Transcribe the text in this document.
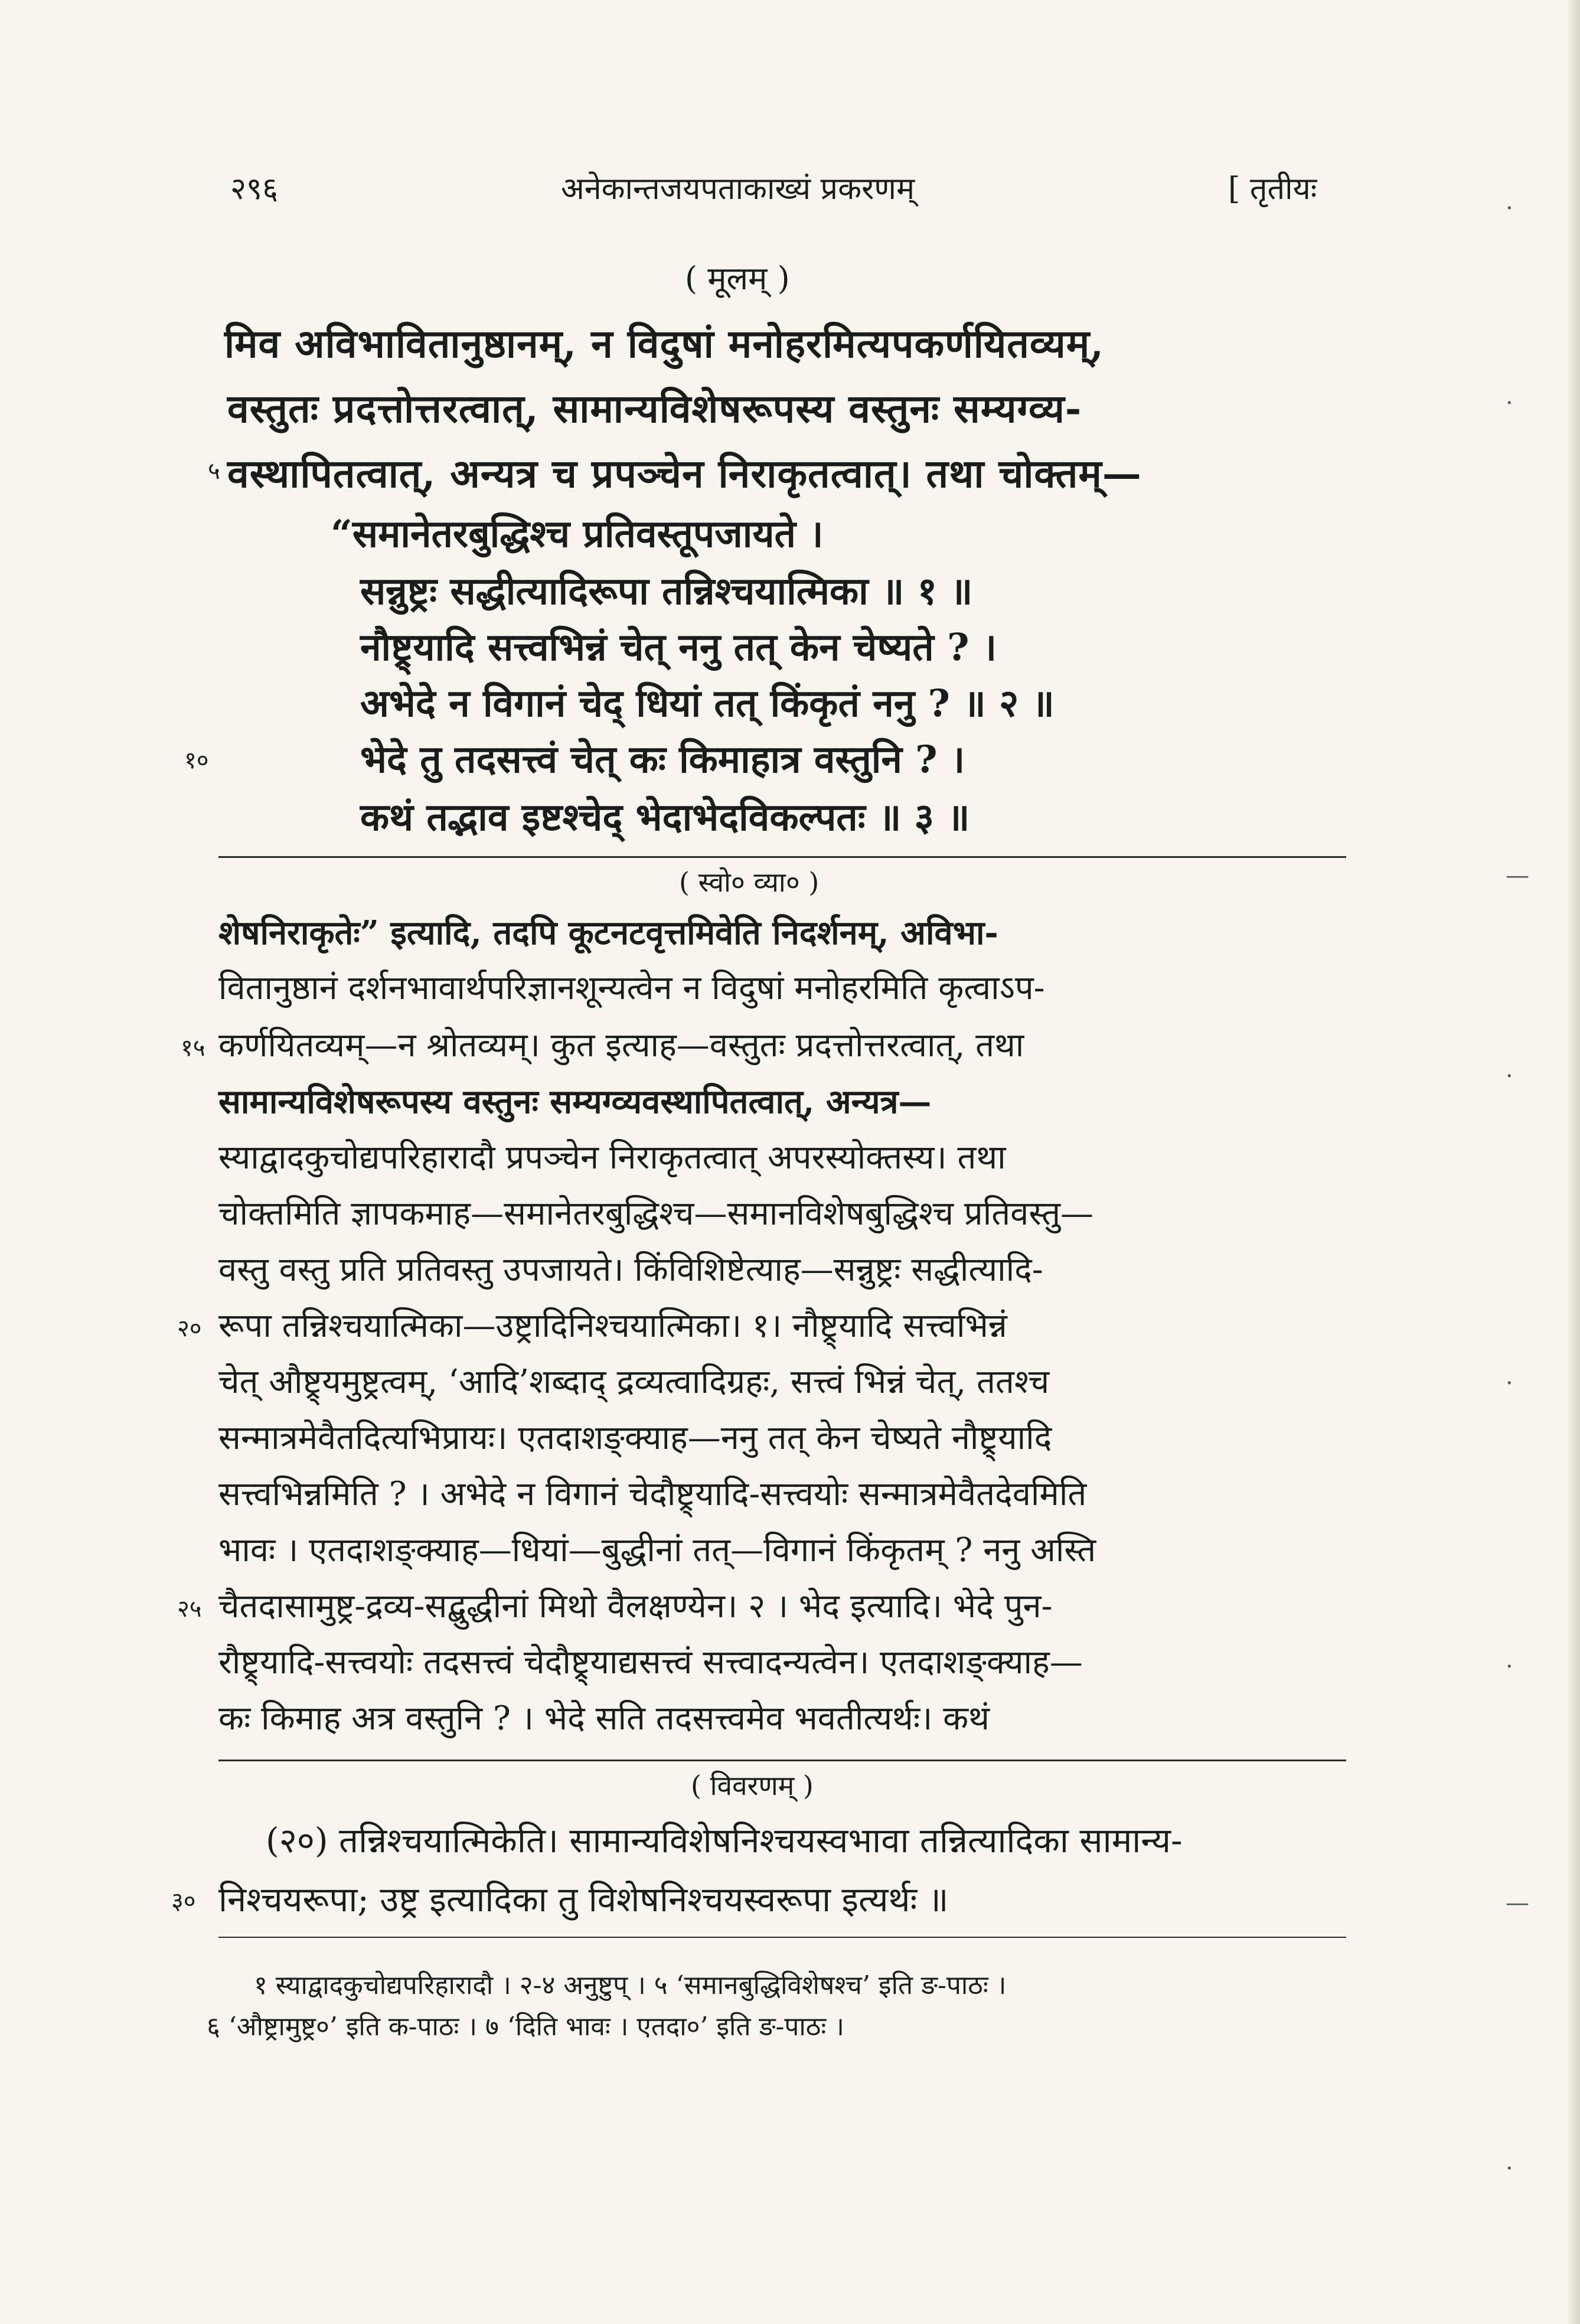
२९६	अनेकान्तजयपताकाख्यं प्रकरणम्	[ तृतीयः
( मूलम् )
मिव अविभावितानुष्ठानम्, न विदुषां मनोहरमित्यपकर्णयितव्यम्,
वस्तुतः प्रदत्तोत्तरत्वात्, सामान्यविशेषरूपस्य वस्तुनः सम्यग्व्य-
५ वस्थापितत्वात्, अन्यत्र च प्रपञ्चेन निराकृतत्वात्। तथा चोक्तम्—
“समानेतरबुद्धिश्च प्रतिवस्तूपजायते ।
सन्नुष्ट्रः सद्धीत्यादिरूपा तन्निश्चयात्मिका ॥ १ ॥
नौष्ट्र्यादि सत्त्वभिन्नं चेत् ननु तत् केन चेष्यते ? ।
अभेदे न विगानं चेद् धियां तत् किंकृतं ननु ? ॥ २ ॥
१०	भेदे तु तदसत्त्वं चेत् कः किमाहात्र वस्तुनि ? ।
कथं तद्भाव इष्टश्चेद् भेदाभेदविकल्पतः ॥ ३ ॥
( स्वो० व्या० )
शेषनिराकृतेः” इत्यादि, तदपि कूटनटवृत्तमिवेति निदर्शनम्, अविभा-
वितानुष्ठानं दर्शनभावार्थपरिज्ञानशून्यत्वेन न विदुषां मनोहरमिति कृत्वाऽप-
१५ कर्णयितव्यम्—न श्रोतव्यम्। कुत इत्याह—वस्तुतः प्रदत्तोत्तरत्वात्, तथा
सामान्यविशेषरूपस्य वस्तुनः सम्यग्व्यवस्थापितत्वात्, अन्यत्र—
स्याद्वादकुचोद्यपरिहारादौ प्रपञ्चेन निराकृतत्वात् अपरस्योक्तस्य। तथा
चोक्तमिति ज्ञापकमाह—समानेतरबुद्धिश्च—समानविशेषबुद्धिश्च प्रतिवस्तु—
वस्तु वस्तु प्रति प्रतिवस्तु उपजायते। किंविशिष्टेत्याह—सन्नुष्ट्रः सद्धीत्यादि-
२० रूपा तन्निश्चयात्मिका—उष्ट्रादिनिश्चयात्मिका। १। नौष्ट्र्यादि सत्त्वभिन्नं
चेत् औष्ट्र्यमुष्ट्रत्वम्, ‘आदि’शब्दाद् द्रव्यत्वादिग्रहः, सत्त्वं भिन्नं चेत्, ततश्च
सन्मात्रमेवैतदित्यभिप्रायः। एतदाशङ्क्याह—ननु तत् केन चेष्यते नौष्ट्र्यादि
सत्त्वभिन्नमिति ? । अभेदे न विगानं चेदौष्ट्र्यादि-सत्त्वयोः सन्मात्रमेवैतदेवमिति
भावः । एतदाशङ्क्याह—धियां—बुद्धीनां तत्—विगानं किंकृतम् ? ननु अस्ति
२५ चैतदासामुष्ट्र-द्रव्य-सद्बुद्धीनां मिथो वैलक्षण्येन। २ । भेद इत्यादि। भेदे पुन-
रौष्ट्र्यादि-सत्त्वयोः तदसत्त्वं चेदौष्ट्र्याद्यसत्त्वं सत्त्वादन्यत्वेन। एतदाशङ्क्याह—
कः किमाह अत्र वस्तुनि ? । भेदे सति तदसत्त्वमेव भवतीत्यर्थः। कथं
( विवरणम् )
(२०) तन्निश्चयात्मिकेति। सामान्यविशेषनिश्चयस्वभावा तन्नित्यादिका सामान्य-
३० निश्चयरूपा; उष्ट्र इत्यादिका तु विशेषनिश्चयस्वरूपा इत्यर्थः ॥
१ स्याद्वादकुचोद्यपरिहारादौ । २-४ अनुष्टुप् । ५ ‘समानबुद्धिविशेषश्च’ इति ङ-पाठः ।
६ ‘औष्ट्रामुष्ट्र०’ इति क-पाठः । ७ ‘दिति भावः । एतदा०’ इति ङ-पाठः ।
·
·
—
·
·
·
—
·
